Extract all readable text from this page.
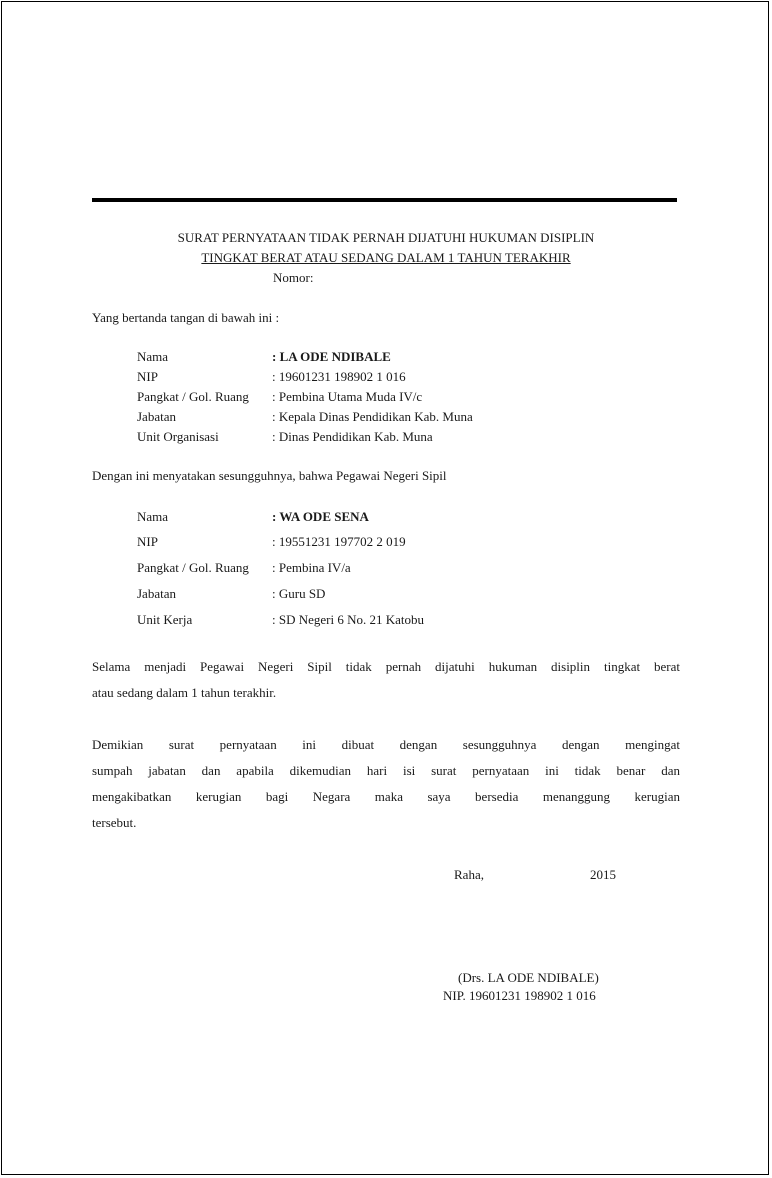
SURAT PERNYATAAN TIDAK PERNAH DIJATUHI HUKUMAN DISIPLIN
TINGKAT BERAT ATAU SEDANG DALAM 1 TAHUN TERAKHIR
Nomor:
Yang bertanda tangan di bawah ini :
Nama	: LA ODE NDIBALE
NIP	: 19601231 198902 1 016
Pangkat / Gol. Ruang : Pembina Utama Muda IV/c
Jabatan	: Kepala Dinas Pendidikan Kab. Muna
Unit Organisasi	: Dinas Pendidikan Kab. Muna
Dengan ini menyatakan sesungguhnya, bahwa Pegawai Negeri Sipil
Nama	: WA ODE SENA
NIP	: 19551231 197702 2 019
Pangkat / Gol. Ruang : Pembina IV/a
Jabatan	: Guru SD
Unit Kerja	: SD Negeri 6 No. 21 Katobu
Selama menjadi Pegawai Negeri Sipil tidak pernah dijatuhi hukuman disiplin tingkat berat
atau sedang dalam 1 tahun terakhir.
Demikian surat pernyataan ini dibuat dengan sesungguhnya dengan mengingat
sumpah jabatan dan apabila dikemudian hari isi surat pernyataan ini tidak benar dan
mengakibatkan kerugian bagi Negara maka saya bersedia menanggung kerugian
tersebut.
Raha,	2015
(Drs. LA ODE NDIBALE)
NIP. 19601231 198902 1 016
